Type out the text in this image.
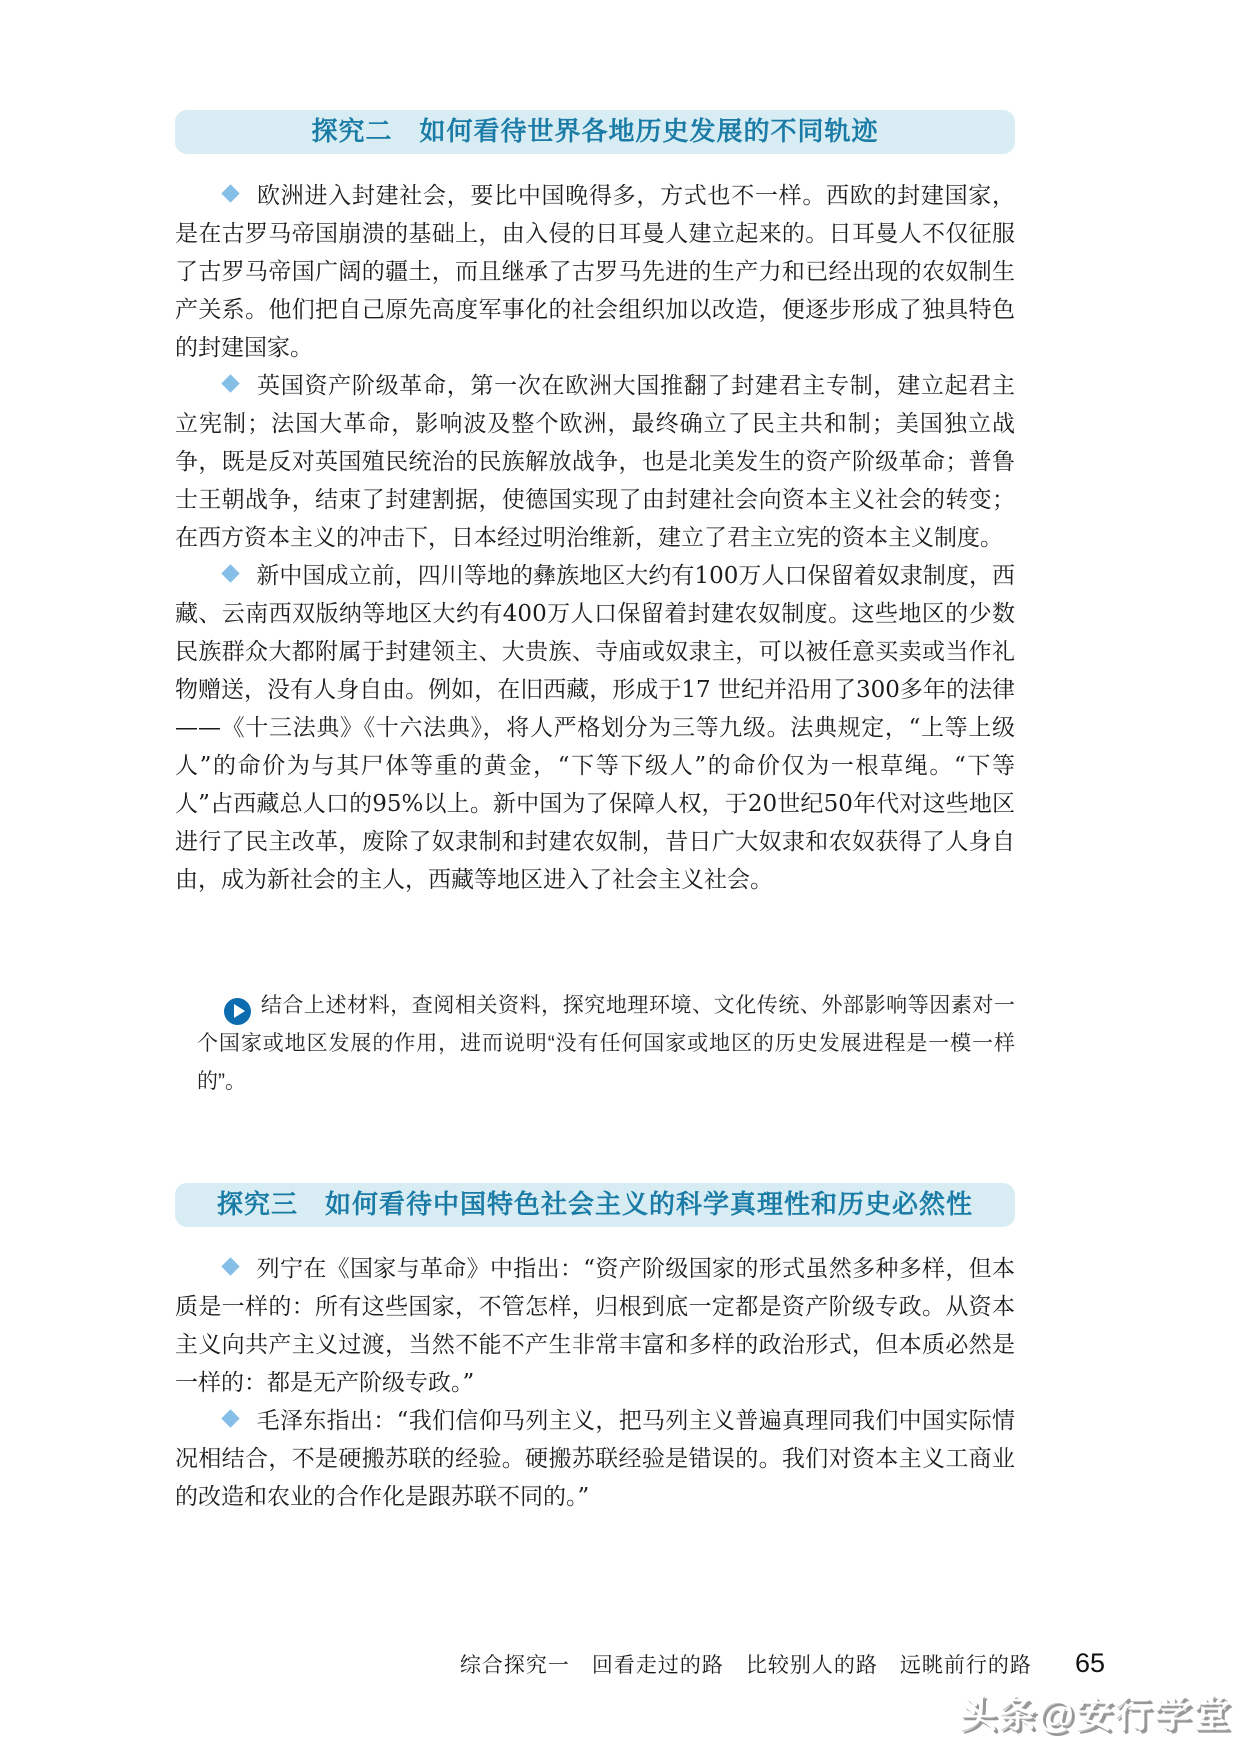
探究二　如何看待世界各地历史发展的不同轨迹

欧洲进入封建社会，要比中国晚得多，方式也不一样。西欧的封建国家，是在古罗马帝国崩溃的基础上，由入侵的日耳曼人建立起来的。日耳曼人不仅征服了古罗马帝国广阔的疆土，而且继承了古罗马先进的生产力和已经出现的农奴制生产关系。他们把自己原先高度军事化的社会组织加以改造，便逐步形成了独具特色的封建国家。

英国资产阶级革命，第一次在欧洲大国推翻了封建君主专制，建立起君主立宪制；法国大革命，影响波及整个欧洲，最终确立了民主共和制；美国独立战争，既是反对英国殖民统治的民族解放战争，也是北美发生的资产阶级革命；普鲁士王朝战争，结束了封建割据，使德国实现了由封建社会向资本主义社会的转变；在西方资本主义的冲击下，日本经过明治维新，建立了君主立宪的资本主义制度。

新中国成立前，四川等地的彝族地区大约有100万人口保留着奴隶制度，西藏、云南西双版纳等地区大约有400万人口保留着封建农奴制度。这些地区的少数民族群众大都附属于封建领主、大贵族、寺庙或奴隶主，可以被任意买卖或当作礼物赠送，没有人身自由。例如，在旧西藏，形成于17 世纪并沿用了300多年的法律——《十三法典》《十六法典》，将人严格划分为三等九级。法典规定，“上等上级人”的命价为与其尸体等重的黄金，“下等下级人”的命价仅为一根草绳。“下等人”占西藏总人口的95%以上。新中国为了保障人权，于20世纪50年代对这些地区进行了民主改革，废除了奴隶制和封建农奴制，昔日广大奴隶和农奴获得了人身自由，成为新社会的主人，西藏等地区进入了社会主义社会。

结合上述材料，查阅相关资料，探究地理环境、文化传统、外部影响等因素对一个国家或地区发展的作用，进而说明“没有任何国家或地区的历史发展进程是一模一样的”。
探究三　如何看待中国特色社会主义的科学真理性和历史必然性

列宁在《国家与革命》中指出：“资产阶级国家的形式虽然多种多样，但本质是一样的：所有这些国家，不管怎样，归根到底一定都是资产阶级专政。从资本主义向共产主义过渡，当然不能不产生非常丰富和多样的政治形式，但本质必然是一样的：都是无产阶级专政。”

毛泽东指出：“我们信仰马列主义，把马列主义普遍真理同我们中国实际情况相结合，不是硬搬苏联的经验。硬搬苏联经验是错误的。我们对资本主义工商业的改造和农业的合作化是跟苏联不同的。”

综合探究一　回看走过的路　比较别人的路　远眺前行的路 65
头条@安行学堂
